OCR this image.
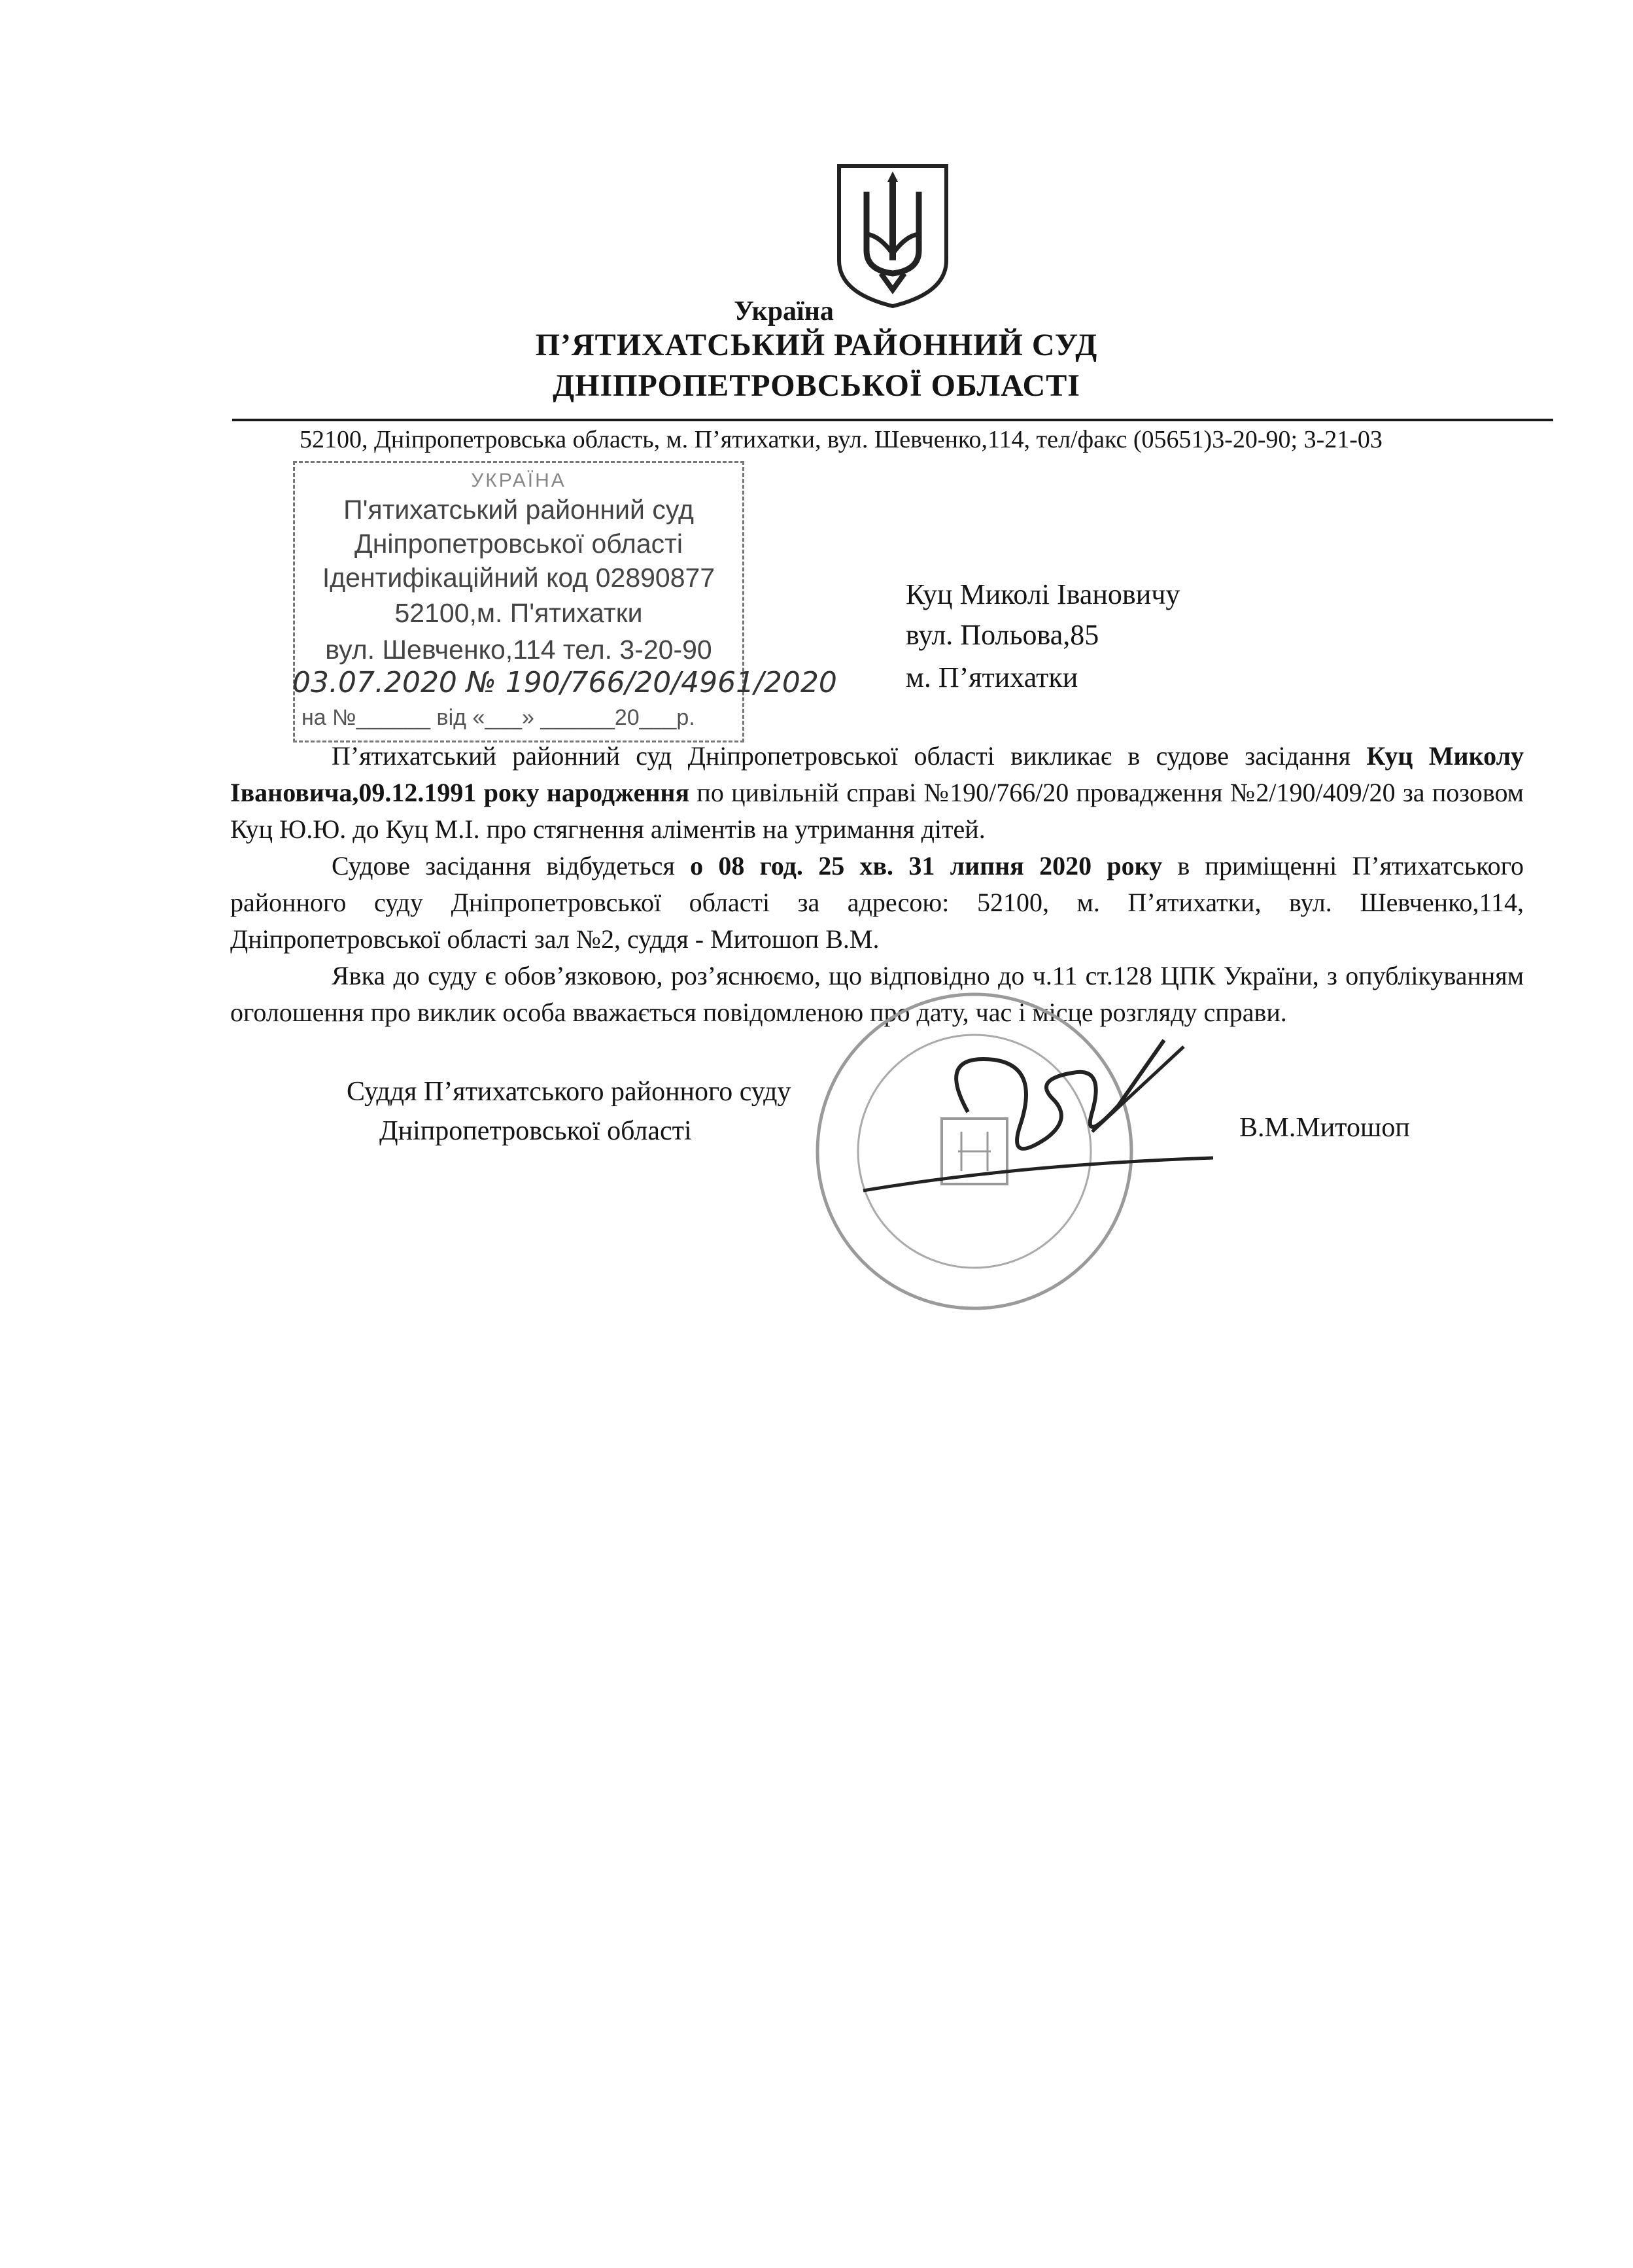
Україна
П’ЯТИХАТСЬКИЙ РАЙОННИЙ СУД
ДНІПРОПЕТРОВСЬКОЇ ОБЛАСТІ
52100, Дніпропетровська область, м. П’ятихатки, вул. Шевченко,114, тел/факс (05651)3-20-90; 3-21-03
УКРАЇНА
П'ятихатський районний суд
Дніпропетровської області
Ідентифікаційний код 02890877
52100,м. П'ятихатки
вул. Шевченко,114 тел. 3-20-90
03.07.2020 № 190/766/20/4961/2020
на №______ від «___» ______20___р.
Куц Миколі Івановичу
вул. Польова,85
м. П’ятихатки

П’ятихатський районний суд Дніпропетровської області викликає в судове засідання Куц Миколу Івановича,09.12.1991 року народження по цивільній справі №190/766/20 провадження №2/190/409/20 за позовом Куц Ю.Ю. до Куц М.І. про стягнення аліментів на утримання дітей.

Судове засідання відбудеться о 08 год. 25 хв. 31 липня 2020 року в приміщенні П’ятихатського районного суду Дніпропетровської області за адресою: 52100, м. П’ятихатки, вул. Шевченко,114, Дніпропетровської області зал №2, суддя - Митошоп В.М.

Явка до суду є обов’язковою, роз’яснюємо, що відповідно до ч.11 ст.128 ЦПК України, з опублікуванням оголошення про виклик особа вважається повідомленою про дату, час і місце розгляду справи.

Суддя П’ятихатського районного суду
Дніпропетровської області	В.М.Митошоп
